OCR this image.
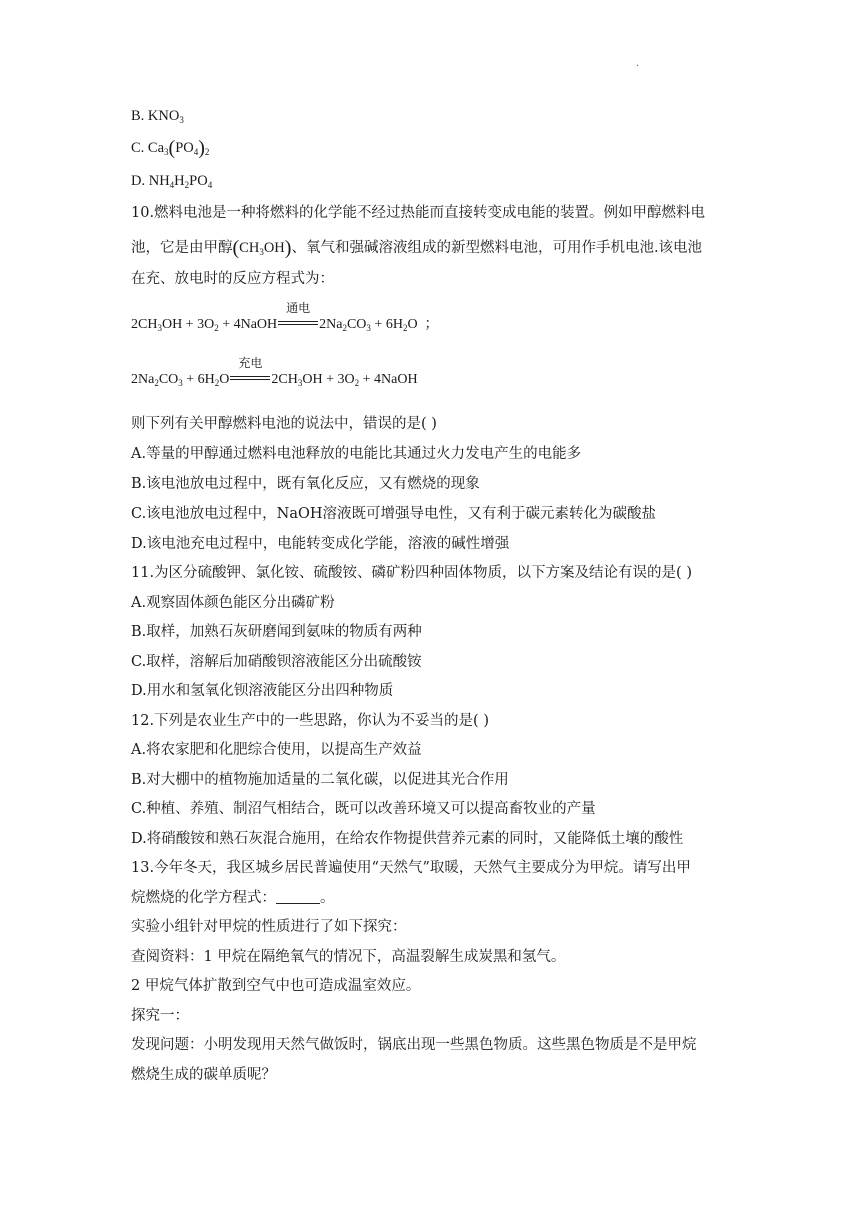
.
B. $KNO_3$
C. $Ca_3(PO_4)_2$
D. $NH_4H_2PO_4$
10.燃料电池是一种将燃料的化学能不经过热能而直接转变成电能的装置。例如甲醇燃料电
池，它是由甲醇$(CH_3OH)$、氧气和强碱溶液组成的新型燃料电池，可用作手机电池.该电池
在充、放电时的反应方程式为：
$2CH_3OH + 3O_2$ + 4NaOH
通电
$2Na_2CO_3 + 6H_2O$  ；
$2Na_2CO_3 + 6H_2O$
充电
$2CH_3OH + 3O_2$ + 4NaOH
则下列有关甲醇燃料电池的说法中，错误的是( )
A.等量的甲醇通过燃料电池释放的电能比其通过火力发电产生的电能多
B.该电池放电过程中，既有氧化反应，又有燃烧的现象
C.该电池放电过程中，NaOH溶液既可增强导电性，又有利于碳元素转化为碳酸盐
D.该电池充电过程中，电能转变成化学能，溶液的碱性增强
11.为区分硫酸钾、氯化铵、硫酸铵、磷矿粉四种固体物质，以下方案及结论有误的是( )
A.观察固体颜色能区分出磷矿粉
B.取样，加熟石灰研磨闻到氨味的物质有两种
C.取样，溶解后加硝酸钡溶液能区分出硫酸铵
D.用水和氢氧化钡溶液能区分出四种物质
12.下列是农业生产中的一些思路，你认为不妥当的是( )
A.将农家肥和化肥综合使用，以提高生产效益
B.对大棚中的植物施加适量的二氧化碳，以促进其光合作用
C.种植、养殖、制沼气相结合，既可以改善环境又可以提高畜牧业的产量
D.将硝酸铵和熟石灰混合施用，在给农作物提供营养元素的同时，又能降低土壤的酸性
13.今年冬天，我区城乡居民普遍使用“天然气”取暖，天然气主要成分为甲烷。请写出甲
烷燃烧的化学方程式：	。
实验小组针对甲烷的性质进行了如下探究：
查阅资料：1 甲烷在隔绝氧气的情况下，高温裂解生成炭黑和氢气。
2 甲烷气体扩散到空气中也可造成温室效应。
探究一：
发现问题：小明发现用天然气做饭时，锅底出现一些黑色物质。这些黑色物质是不是甲烷
燃烧生成的碳单质呢？
